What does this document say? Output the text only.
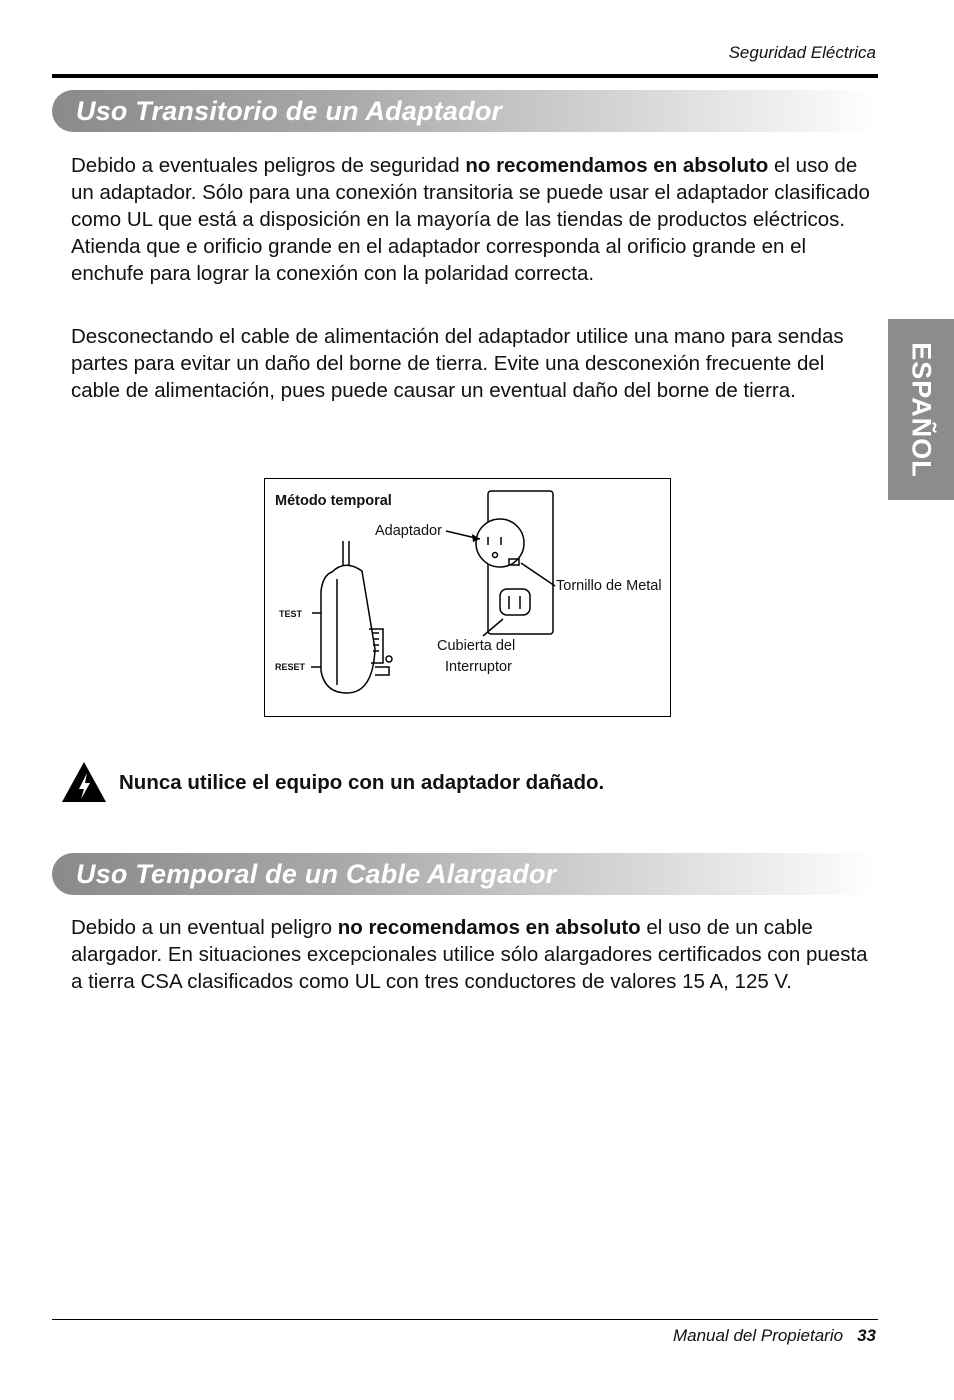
Seguridad Eléctrica
Uso Transitorio de un Adaptador

Debido a eventuales peligros de seguridad no recomendamos en absoluto el uso de un adaptador. Sólo para una conexión transitoria se puede usar el adaptador clasificado como UL que está a disposición en la mayoría de las tiendas de productos eléctricos. Atienda que e orificio grande en el adaptador corresponda al orificio grande en el enchufe para lograr la conexión con la polaridad correcta.

Desconectando el cable de alimentación del adaptador utilice una mano para sendas partes para evitar un daño del borne de tierra. Evite una desconexión frecuente del cable de alimentación, pues puede causar un eventual daño del borne de tierra.	ESPAÑOL
Método temporal
Adaptador
Tornillo de Metal
Cubierta del
Interruptor
TEST
RESET
Nunca utilice el equipo con un adaptador dañado.
Uso Temporal de un Cable Alargador

Debido a un eventual peligro no recomendamos en absoluto el uso de un cable alargador. En situaciones excepcionales utilice sólo alargadores certificados con puesta a tierra CSA clasificados como UL con tres conductores de valores 15 A, 125 V.

Manual del Propietario 33
